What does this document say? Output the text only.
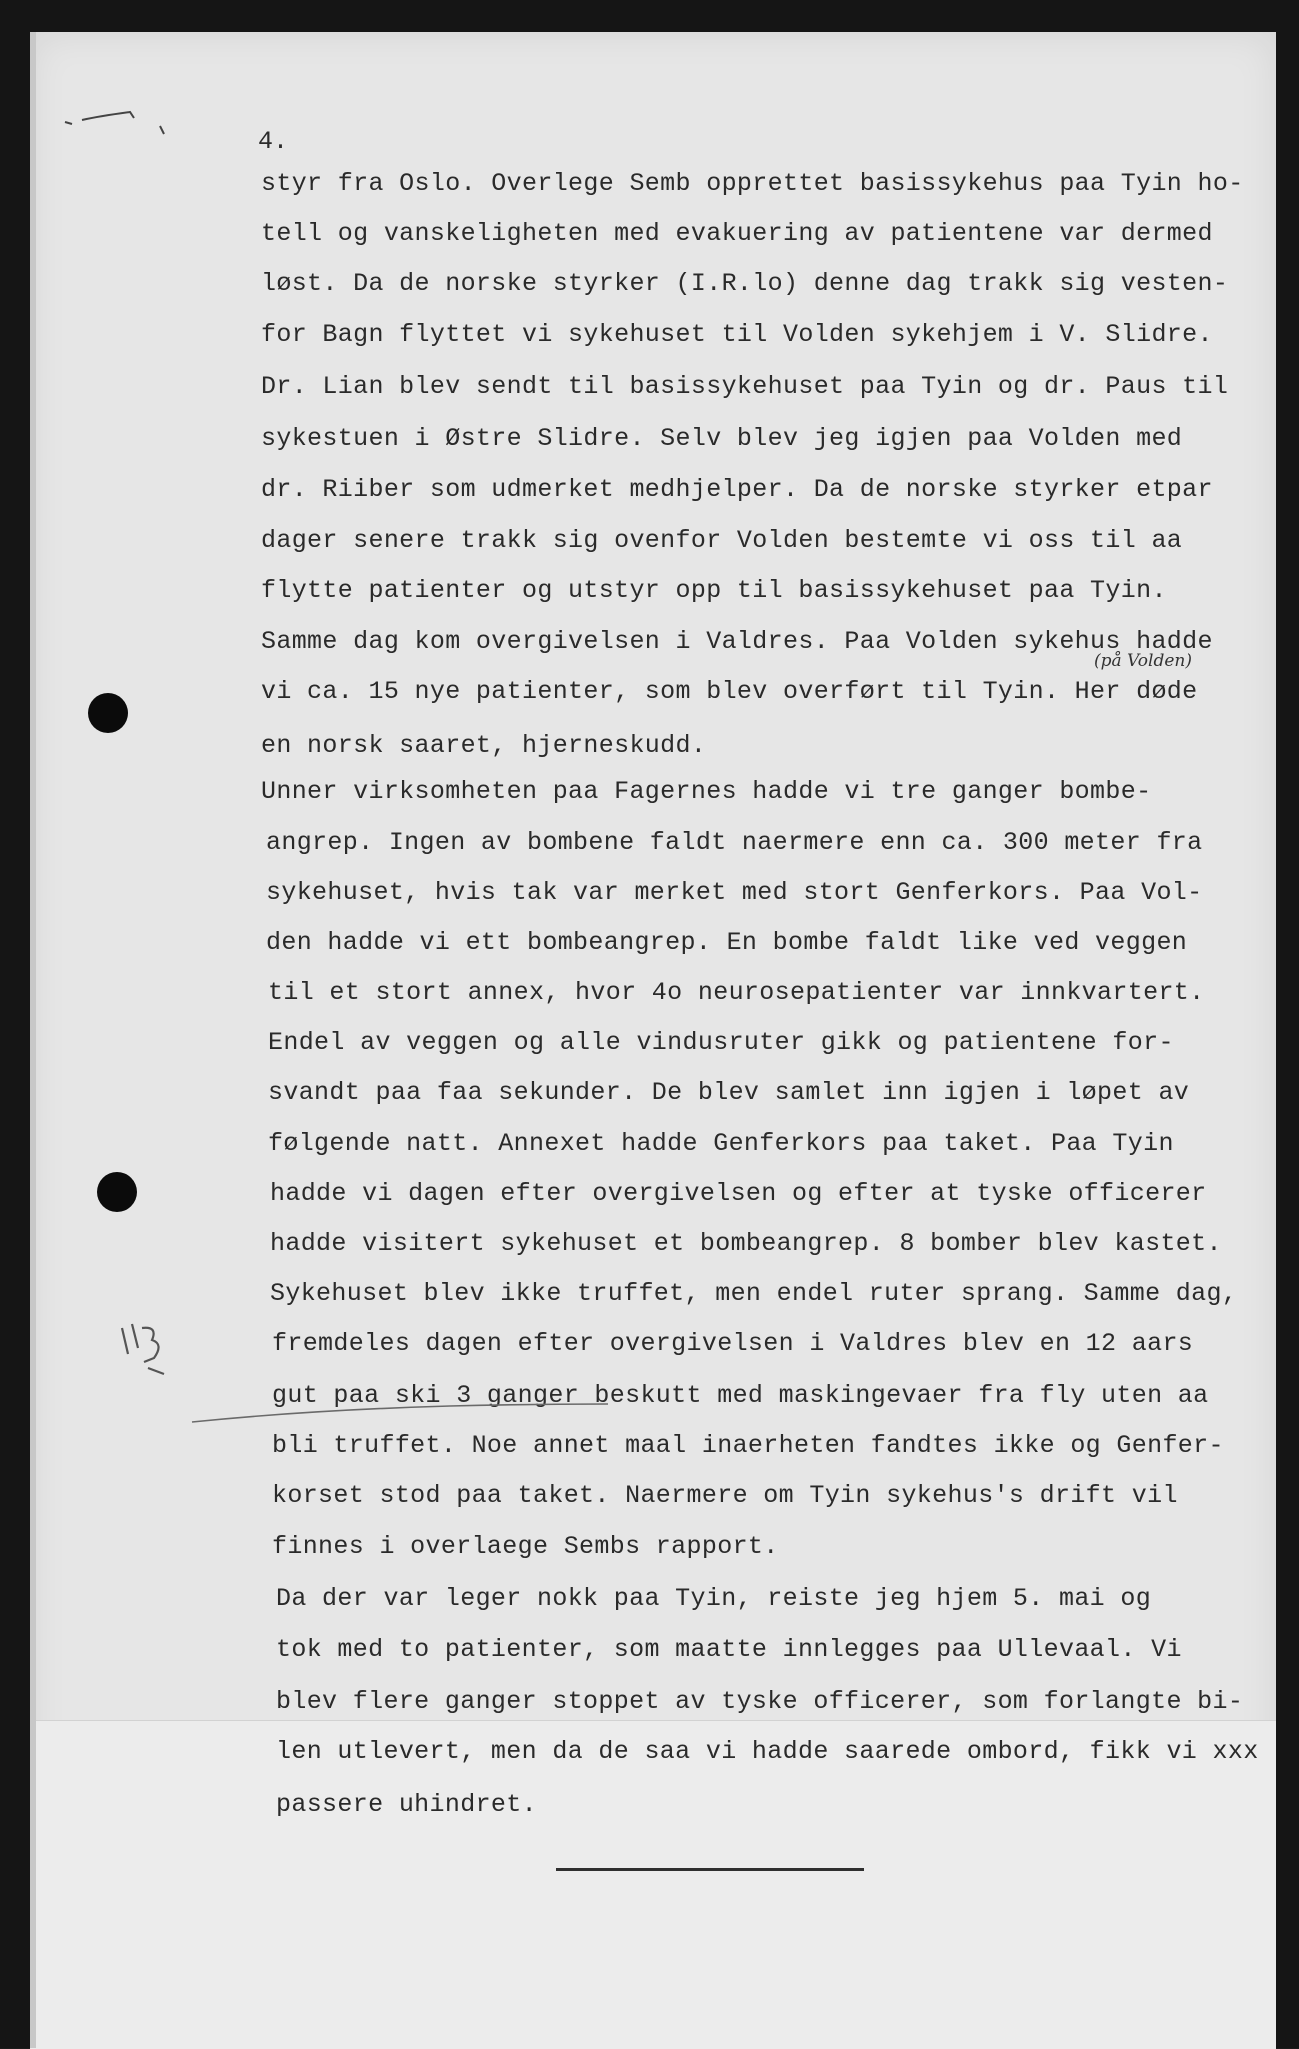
4.
styr fra Oslo. Overlege Semb opprettet basissykehus paa Tyin ho-
tell og vanskeligheten med evakuering av patientene var dermed
løst. Da de norske styrker (I.R.lo) denne dag trakk sig vesten-
for Bagn flyttet vi sykehuset til Volden sykehjem i V. Slidre.
Dr. Lian blev sendt til basissykehuset paa Tyin og dr. Paus til
sykestuen i Østre Slidre. Selv blev jeg igjen paa Volden med
dr. Riiber som udmerket medhjelper. Da de norske styrker etpar
dager senere trakk sig ovenfor Volden bestemte vi oss til aa
flytte patienter og utstyr opp til basissykehuset paa Tyin.
Samme dag kom overgivelsen i Valdres. Paa Volden sykehus hadde
vi ca. 15 nye patienter, som blev overført til Tyin. Her døde
en norsk saaret, hjerneskudd.
(på Volden)
Unner virksomheten paa Fagernes hadde vi tre ganger bombe-
angrep. Ingen av bombene faldt naermere enn ca. 300 meter fra
sykehuset, hvis tak var merket med stort Genferkors. Paa Vol-
den hadde vi ett bombeangrep. En bombe faldt like ved veggen
til et stort annex, hvor 4o neurosepatienter var innkvartert.
Endel av veggen og alle vindusruter gikk og patientene for-
svandt paa faa sekunder. De blev samlet inn igjen i løpet av
følgende natt. Annexet hadde Genferkors paa taket. Paa Tyin
hadde vi dagen efter overgivelsen og efter at tyske officerer
hadde visitert sykehuset et bombeangrep. 8 bomber blev kastet.
Sykehuset blev ikke truffet, men endel ruter sprang. Samme dag,
fremdeles dagen efter overgivelsen i Valdres blev en 12 aars
gut paa ski 3 ganger beskutt med maskingevaer fra fly uten aa
bli truffet. Noe annet maal inaerheten fandtes ikke og Genfer-
korset stod paa taket. Naermere om Tyin sykehus's drift vil
finnes i overlaege Sembs rapport.
Da der var leger nokk paa Tyin, reiste jeg hjem 5. mai og
tok med to patienter, som maatte innlegges paa Ullevaal. Vi
blev flere ganger stoppet av tyske officerer, som forlangte bi-
len utlevert, men da de saa vi hadde saarede ombord, fikk vi xxx
passere uhindret.
